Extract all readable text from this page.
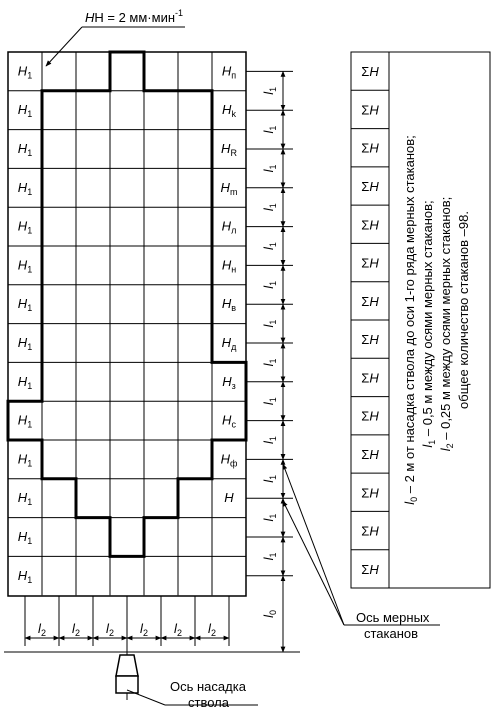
HH = 2 мм·мин$^{-1}$
$H_1$
$H_1$
$H_1$
$H_1$
$H_1$
$H_1$
$H_1$
$H_1$
$H_1$
$H_1$
$H_1$
$H_1$
$H_1$
$H_1$
$H_п$
$H_k$
$H_R$
$H_m$
$H_л$
$H_н$
$H_в$
$H_д$
$H_з$
$H_с$
$H_ф$
H
$l_1$
$l_1$
$l_1$
$l_1$
$l_1$
$l_1$
$l_1$
$l_1$
$l_1$
$l_1$
$l_1$
$l_1$
$l_1$
$l_0$
$l_2$ $l_2$ $l_2$ $l_2$ $l_2$ $l_2$
Ось насадка
ствола
Ось мерных
стаканов
ΣH
ΣH
ΣH
ΣH
ΣH
ΣH
ΣH
ΣH
ΣH
ΣH
ΣH
ΣH
ΣH
ΣH
$l_0 - 2$ м от насадка ствола до оси 1-го ряда мерных стаканов; $l_1 - 0,5$ м между осями мерных стаканов;
$l_2 - 0,25$ м между осями мерных стаканов; общее количество стаканов –98.
